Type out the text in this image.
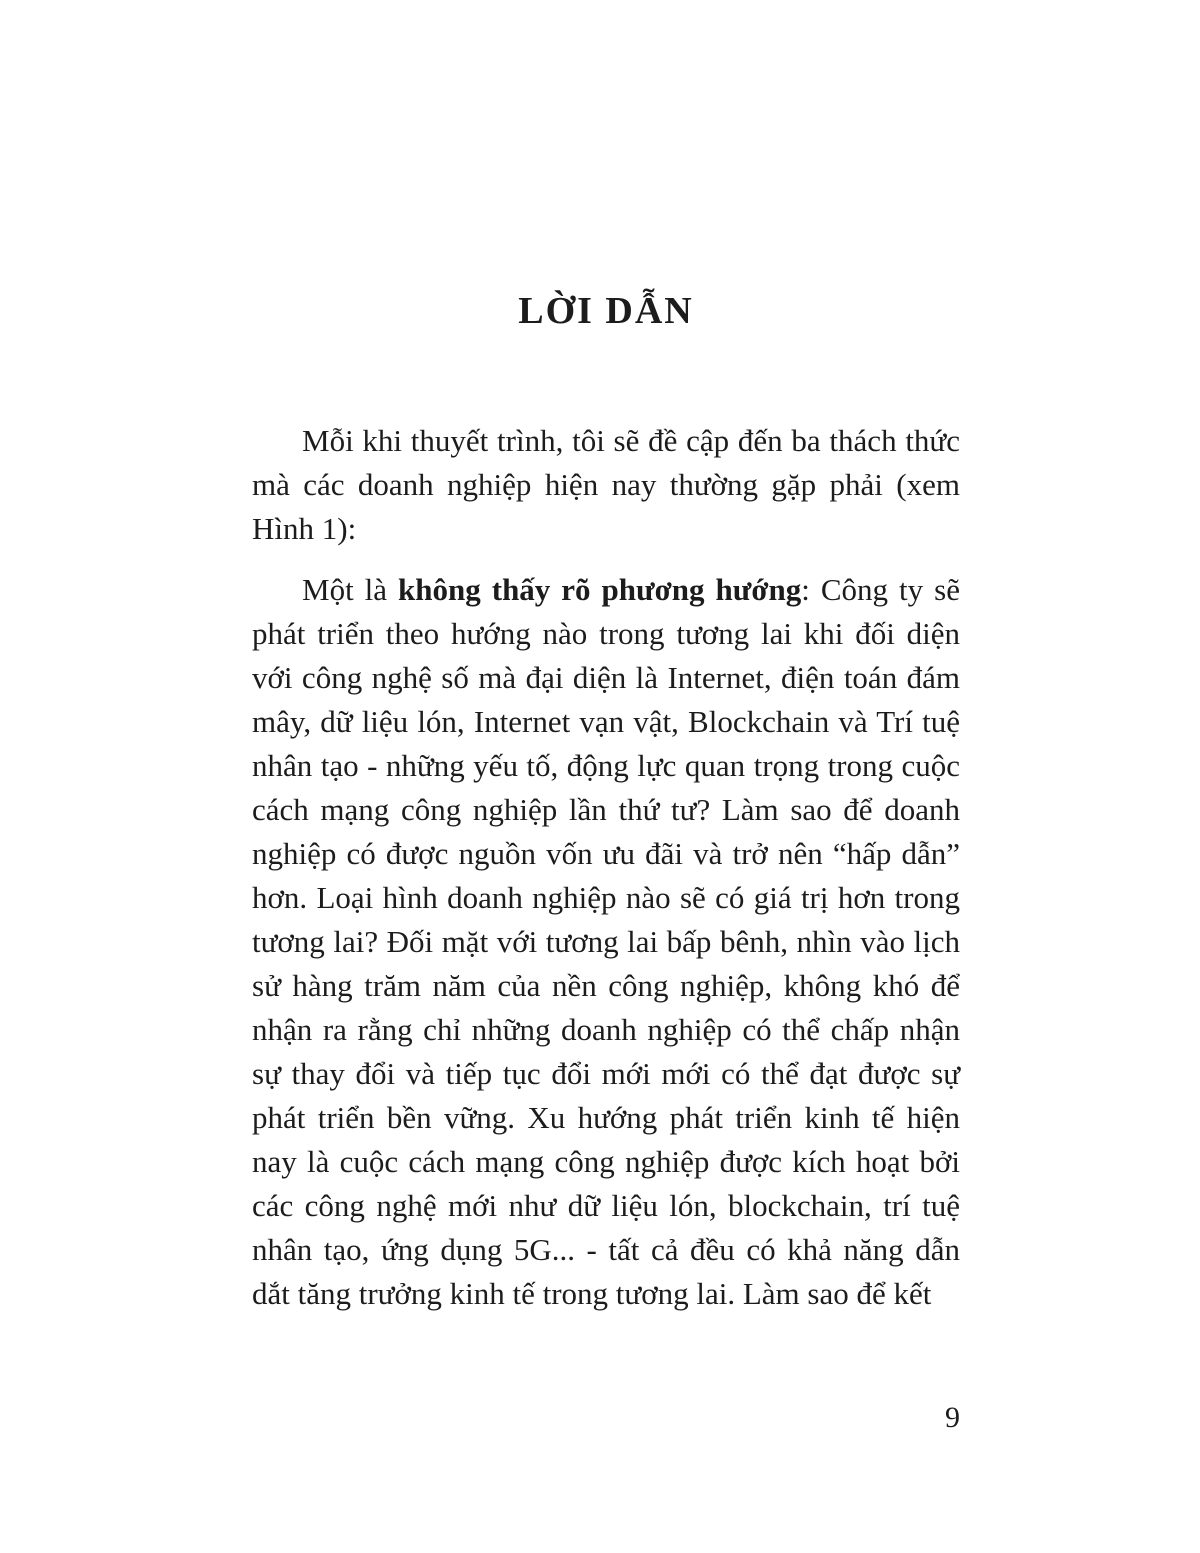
LỜI DẪN

Mỗi khi thuyết trình, tôi sẽ đề cập đến ba thách thức mà các doanh nghiệp hiện nay thường gặp phải (xem Hình 1):

Một là không thấy rõ phương hướng: Công ty sẽ phát triển theo hướng nào trong tương lai khi đối diện với công nghệ số mà đại diện là Internet, điện toán đám mây, dữ liệu lón, Internet vạn vật, Blockchain và Trí tuệ nhân tạo - những yếu tố, động lực quan trọng trong cuộc cách mạng công nghiệp lần thứ tư? Làm sao để doanh nghiệp có được nguồn vốn ưu đãi và trở nên “hấp dẫn” hơn. Loại hình doanh nghiệp nào sẽ có giá trị hơn trong tương lai? Đối mặt với tương lai bấp bênh, nhìn vào lịch sử hàng trăm năm của nền công nghiệp, không khó để nhận ra rằng chỉ những doanh nghiệp có thể chấp nhận sự thay đổi và tiếp tục đổi mới mới có thể đạt được sự phát triển bền vững. Xu hướng phát triển kinh tế hiện nay là cuộc cách mạng công nghiệp được kích hoạt bởi các công nghệ mới như dữ liệu lón, blockchain, trí tuệ nhân tạo, ứng dụng 5G... - tất cả đều có khả năng dẫn dắt tăng trưởng kinh tế trong tương lai. Làm sao để kết

9
